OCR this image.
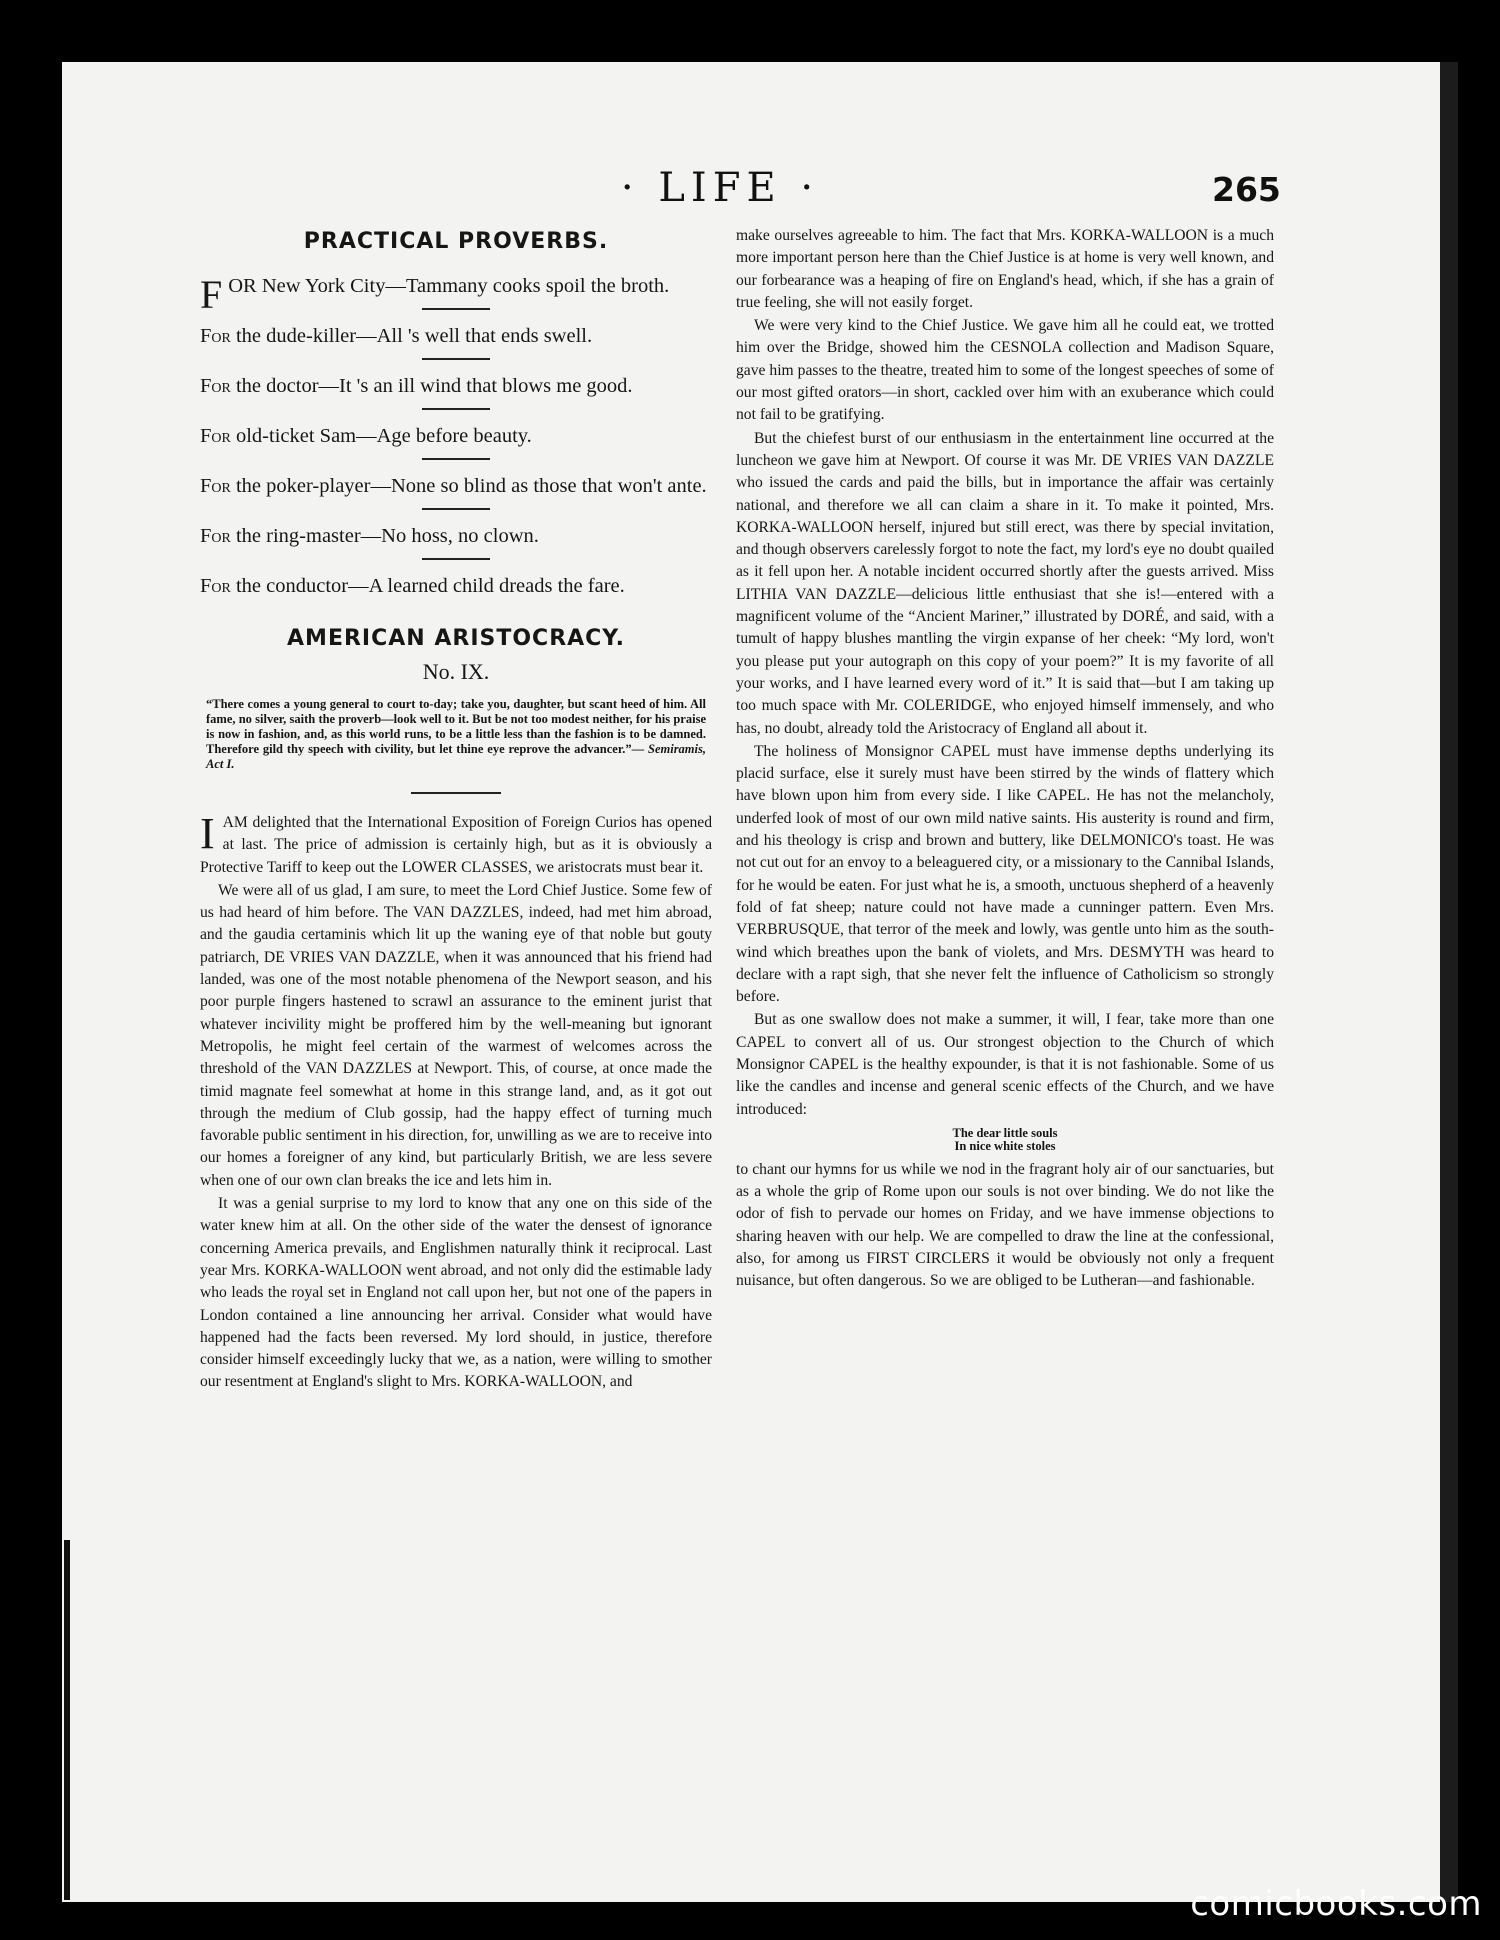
· LIFE ·	265
PRACTICAL PROVERBS.

FOR New York City—Tammany cooks spoil the broth.

For the dude-killer—All 's well that ends swell.

For the doctor—It 's an ill wind that blows me good.

For old-ticket Sam—Age before beauty.

For the poker-player—None so blind as those that won't ante.

For the ring-master—No hoss, no clown.

For the conductor—A learned child dreads the fare.

AMERICAN ARISTOCRACY.
No. IX.
“There comes a young general to court to-day; take you, daughter, but scant heed of him. All fame, no silver, saith the proverb—look well to it. But be not too modest neither, for his praise is now in fashion, and, as this world runs, to be a little less than the fashion is to be damned. Therefore gild thy speech with civility, but let thine eye reprove the advancer.”— Semiramis, Act I.

IAM delighted that the International Exposition of Foreign Curios has opened at last. The price of admission is certainly high, but as it is obviously a Protective Tariff to keep out the LOWER CLASSES, we aristocrats must bear it.

We were all of us glad, I am sure, to meet the Lord Chief Justice. Some few of us had heard of him before. The VAN DAZZLES, indeed, had met him abroad, and the gaudia certaminis which lit up the waning eye of that noble but gouty patriarch, DE VRIES VAN DAZZLE, when it was announced that his friend had landed, was one of the most notable phenomena of the Newport season, and his poor purple fingers hastened to scrawl an assurance to the eminent jurist that whatever incivility might be proffered him by the well-meaning but ignorant Metropolis, he might feel certain of the warmest of welcomes across the threshold of the VAN DAZZLES at Newport. This, of course, at once made the timid magnate feel somewhat at home in this strange land, and, as it got out through the medium of Club gossip, had the happy effect of turning much favorable public sentiment in his direction, for, unwilling as we are to receive into our homes a foreigner of any kind, but particularly British, we are less severe when one of our own clan breaks the ice and lets him in.

It was a genial surprise to my lord to know that any one on this side of the water knew him at all. On the other side of the water the densest of ignorance concerning America prevails, and Englishmen naturally think it reciprocal. Last year Mrs. KORKA-WALLOON went abroad, and not only did the estimable lady who leads the royal set in England not call upon her, but not one of the papers in London contained a line announcing her arrival. Consider what would have happened had the facts been reversed. My lord should, in justice, therefore consider himself exceedingly lucky that we, as a nation, were willing to smother our resentment at England's slight to Mrs. KORKA-WALLOON, and

make ourselves agreeable to him. The fact that Mrs. KORKA-WALLOON is a much more important person here than the Chief Justice is at home is very well known, and our forbearance was a heaping of fire on England's head, which, if she has a grain of true feeling, she will not easily forget.

We were very kind to the Chief Justice. We gave him all he could eat, we trotted him over the Bridge, showed him the CESNOLA collection and Madison Square, gave him passes to the theatre, treated him to some of the longest speeches of some of our most gifted orators—in short, cackled over him with an exuberance which could not fail to be gratifying.

But the chiefest burst of our enthusiasm in the entertainment line occurred at the luncheon we gave him at Newport. Of course it was Mr. DE VRIES VAN DAZZLE who issued the cards and paid the bills, but in importance the affair was certainly national, and therefore we all can claim a share in it. To make it pointed, Mrs. KORKA-WALLOON herself, injured but still erect, was there by special invitation, and though observers carelessly forgot to note the fact, my lord's eye no doubt quailed as it fell upon her. A notable incident occurred shortly after the guests arrived. Miss LITHIA VAN DAZZLE—delicious little enthusiast that she is!—entered with a magnificent volume of the “Ancient Mariner,” illustrated by DORÉ, and said, with a tumult of happy blushes mantling the virgin expanse of her cheek: “My lord, won't you please put your autograph on this copy of your poem?” It is my favorite of all your works, and I have learned every word of it.” It is said that—but I am taking up too much space with Mr. COLERIDGE, who enjoyed himself immensely, and who has, no doubt, already told the Aristocracy of England all about it.

The holiness of Monsignor CAPEL must have immense depths underlying its placid surface, else it surely must have been stirred by the winds of flattery which have blown upon him from every side. I like CAPEL. He has not the melancholy, underfed look of most of our own mild native saints. His austerity is round and firm, and his theology is crisp and brown and buttery, like DELMONICO's toast. He was not cut out for an envoy to a beleaguered city, or a missionary to the Cannibal Islands, for he would be eaten. For just what he is, a smooth, unctuous shepherd of a heavenly fold of fat sheep; nature could not have made a cunninger pattern. Even Mrs. VERBRUSQUE, that terror of the meek and lowly, was gentle unto him as the south-wind which breathes upon the bank of violets, and Mrs. DESMYTH was heard to declare with a rapt sigh, that she never felt the influence of Catholicism so strongly before.

But as one swallow does not make a summer, it will, I fear, take more than one CAPEL to convert all of us. Our strongest objection to the Church of which Monsignor CAPEL is the healthy expounder, is that it is not fashionable. Some of us like the candles and incense and general scenic effects of the Church, and we have introduced:

The dear little souls
In nice white stoles

to chant our hymns for us while we nod in the fragrant holy air of our sanctuaries, but as a whole the grip of Rome upon our souls is not over binding. We do not like the odor of fish to pervade our homes on Friday, and we have immense objections to sharing heaven with our help. We are compelled to draw the line at the confessional, also, for among us FIRST CIRCLERS it would be obviously not only a frequent nuisance, but often dangerous. So we are obliged to be Lutheran—and fashionable.

comicbooks.com
